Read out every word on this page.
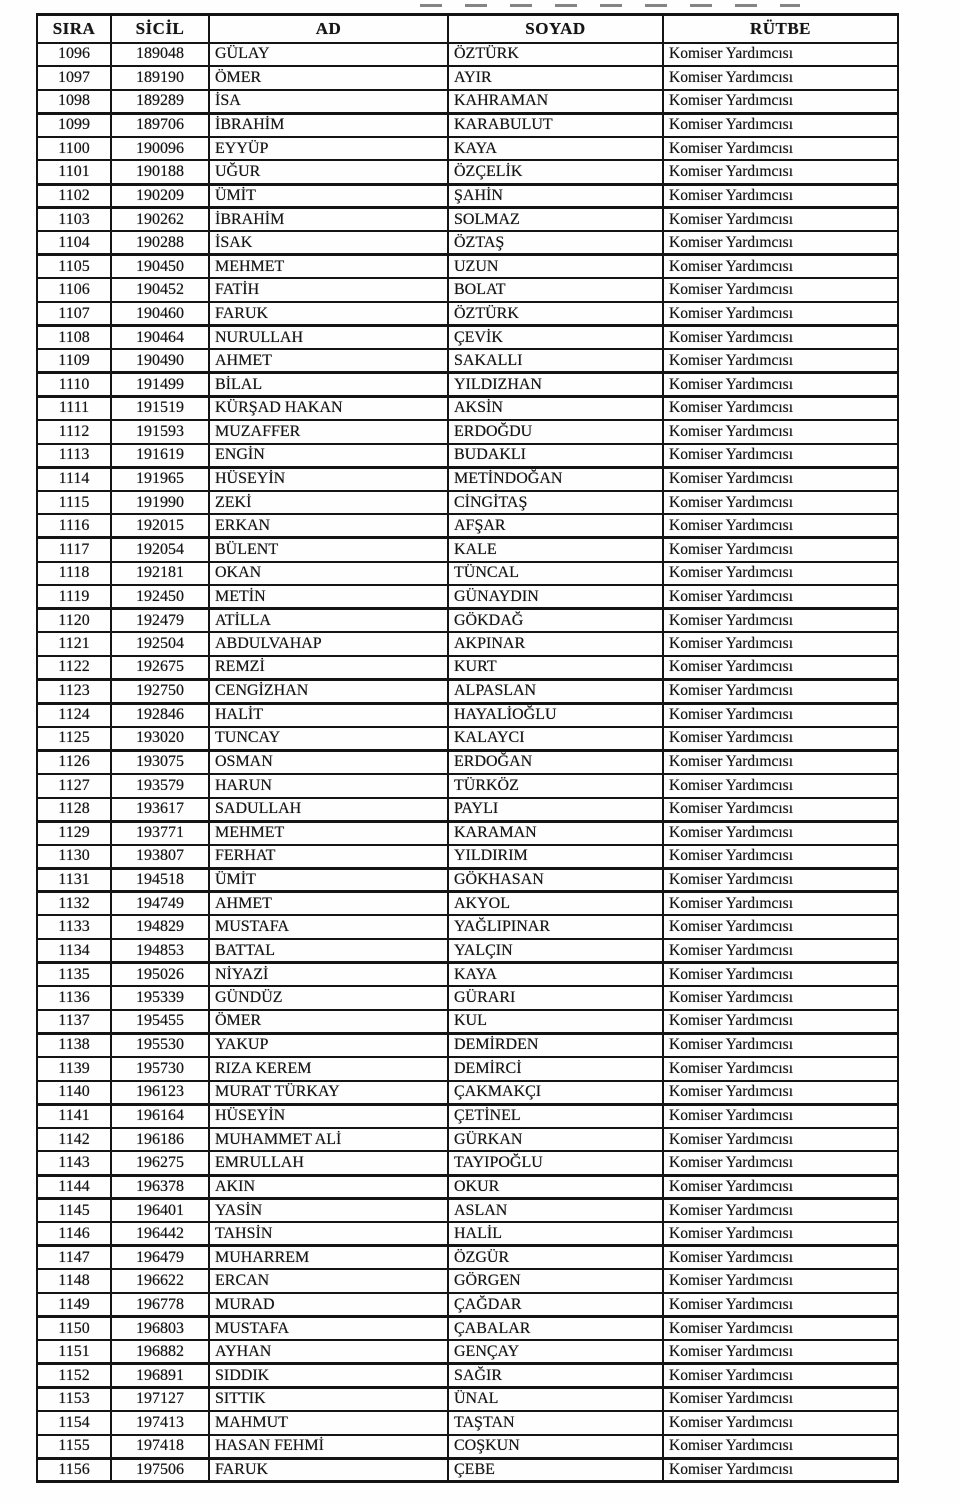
SIRA	SİCİL	AD	SOYAD	RÜTBE
1096	189048	GÜLAY	ÖZTÜRK	Komiser Yardımcısı
1097	189190	ÖMER	AYIR	Komiser Yardımcısı
1098	189289	İSA	KAHRAMAN	Komiser Yardımcısı
1099	189706	İBRAHİM	KARABULUT	Komiser Yardımcısı
1100	190096	EYYÜP	KAYA	Komiser Yardımcısı
1101	190188	UĞUR	ÖZÇELİK	Komiser Yardımcısı
1102	190209	ÜMİT	ŞAHİN	Komiser Yardımcısı
1103	190262	İBRAHİM	SOLMAZ	Komiser Yardımcısı
1104	190288	İSAK	ÖZTAŞ	Komiser Yardımcısı
1105	190450	MEHMET	UZUN	Komiser Yardımcısı
1106	190452	FATİH	BOLAT	Komiser Yardımcısı
1107	190460	FARUK	ÖZTÜRK	Komiser Yardımcısı
1108	190464	NURULLAH	ÇEVİK	Komiser Yardımcısı
1109	190490	AHMET	SAKALLI	Komiser Yardımcısı
1110	191499	BİLAL	YILDIZHAN	Komiser Yardımcısı
1111	191519	KÜRŞAD HAKAN	AKSİN	Komiser Yardımcısı
1112	191593	MUZAFFER	ERDOĞDU	Komiser Yardımcısı
1113	191619	ENGİN	BUDAKLI	Komiser Yardımcısı
1114	191965	HÜSEYİN	METİNDOĞAN	Komiser Yardımcısı
1115	191990	ZEKİ	CİNGİTAŞ	Komiser Yardımcısı
1116	192015	ERKAN	AFŞAR	Komiser Yardımcısı
1117	192054	BÜLENT	KALE	Komiser Yardımcısı
1118	192181	OKAN	TÜNCAL	Komiser Yardımcısı
1119	192450	METİN	GÜNAYDIN	Komiser Yardımcısı
1120	192479	ATİLLA	GÖKDAĞ	Komiser Yardımcısı
1121	192504	ABDULVAHAP	AKPINAR	Komiser Yardımcısı
1122	192675	REMZİ	KURT	Komiser Yardımcısı
1123	192750	CENGİZHAN	ALPASLAN	Komiser Yardımcısı
1124	192846	HALİT	HAYALİOĞLU	Komiser Yardımcısı
1125	193020	TUNCAY	KALAYCI	Komiser Yardımcısı
1126	193075	OSMAN	ERDOĞAN	Komiser Yardımcısı
1127	193579	HARUN	TÜRKÖZ	Komiser Yardımcısı
1128	193617	SADULLAH	PAYLI	Komiser Yardımcısı
1129	193771	MEHMET	KARAMAN	Komiser Yardımcısı
1130	193807	FERHAT	YILDIRIM	Komiser Yardımcısı
1131	194518	ÜMİT	GÖKHASAN	Komiser Yardımcısı
1132	194749	AHMET	AKYOL	Komiser Yardımcısı
1133	194829	MUSTAFA	YAĞLIPINAR	Komiser Yardımcısı
1134	194853	BATTAL	YALÇIN	Komiser Yardımcısı
1135	195026	NİYAZİ	KAYA	Komiser Yardımcısı
1136	195339	GÜNDÜZ	GÜRARI	Komiser Yardımcısı
1137	195455	ÖMER	KUL	Komiser Yardımcısı
1138	195530	YAKUP	DEMİRDEN	Komiser Yardımcısı
1139	195730	RIZA KEREM	DEMİRCİ	Komiser Yardımcısı
1140	196123	MURAT TÜRKAY	ÇAKMAKÇI	Komiser Yardımcısı
1141	196164	HÜSEYİN	ÇETİNEL	Komiser Yardımcısı
1142	196186	MUHAMMET ALİ	GÜRKAN	Komiser Yardımcısı
1143	196275	EMRULLAH	TAYIPOĞLU	Komiser Yardımcısı
1144	196378	AKIN	OKUR	Komiser Yardımcısı
1145	196401	YASİN	ASLAN	Komiser Yardımcısı
1146	196442	TAHSİN	HALİL	Komiser Yardımcısı
1147	196479	MUHARREM	ÖZGÜR	Komiser Yardımcısı
1148	196622	ERCAN	GÖRGEN	Komiser Yardımcısı
1149	196778	MURAD	ÇAĞDAR	Komiser Yardımcısı
1150	196803	MUSTAFA	ÇABALAR	Komiser Yardımcısı
1151	196882	AYHAN	GENÇAY	Komiser Yardımcısı
1152	196891	SIDDIK	SAĞIR	Komiser Yardımcısı
1153	197127	SITTIK	ÜNAL	Komiser Yardımcısı
1154	197413	MAHMUT	TAŞTAN	Komiser Yardımcısı
1155	197418	HASAN FEHMİ	COŞKUN	Komiser Yardımcısı
1156	197506	FARUK	ÇEBE	Komiser Yardımcısı
